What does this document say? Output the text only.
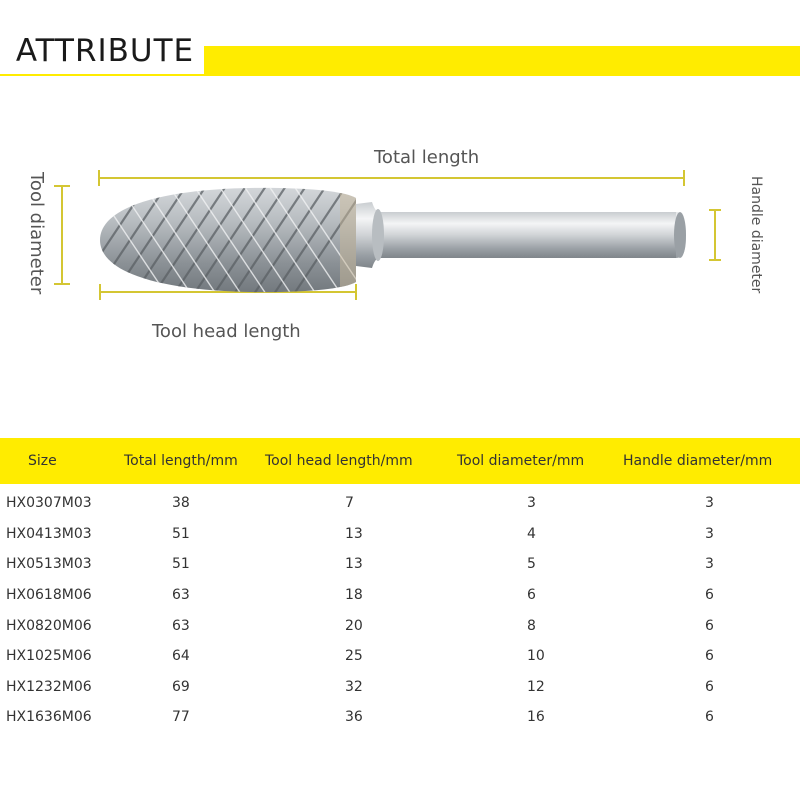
ATTRIBUTE
Total length
Tool head length
Tool diameter	Handle diameter
Size	Total length/mm	Tool head length/mm	Tool diameter/mm	Handle diameter/mm
HX0307M03	38	7	3	3
HX0413M03	51	13	4	3
HX0513M03	51	13	5	3
HX0618M06	63	18	6	6
HX0820M06	63	20	8	6
HX1025M06	64	25	10	6
HX1232M06	69	32	12	6
HX1636M06	77	36	16	6
